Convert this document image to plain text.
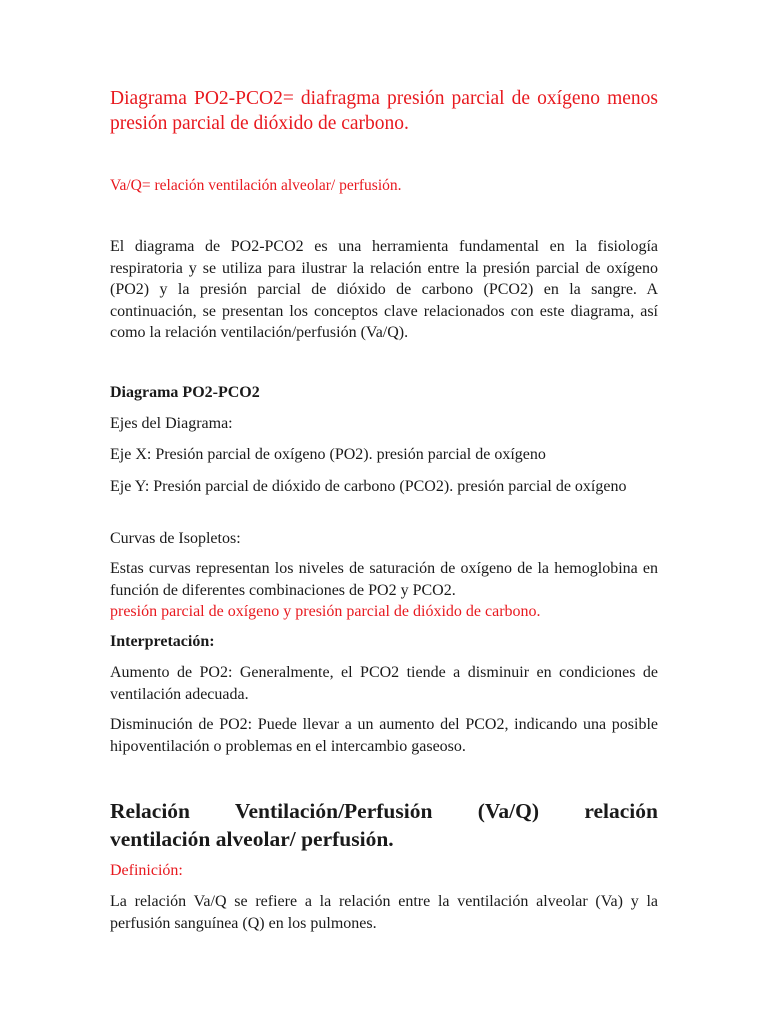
Diagrama PO2-PCO2= diafragma presión parcial de oxígeno menos presión parcial de dióxido de carbono.

Va/Q= relación ventilación alveolar/ perfusión.

El diagrama de PO2-PCO2 es una herramienta fundamental en la fisiología respiratoria y se utiliza para ilustrar la relación entre la presión parcial de oxígeno (PO2) y la presión parcial de dióxido de carbono (PCO2) en la sangre. A continuación, se presentan los conceptos clave relacionados con este diagrama, así como la relación ventilación/perfusión (Va/Q).

Diagrama PO2-PCO2

Ejes del Diagrama:

Eje X: Presión parcial de oxígeno (PO2). presión parcial de oxígeno

Eje Y: Presión parcial de dióxido de carbono (PCO2). presión parcial de oxígeno

Curvas de Isopletos:

Estas curvas representan los niveles de saturación de oxígeno de la hemoglobina en función de diferentes combinaciones de PO2 y PCO2.

presión parcial de oxígeno y presión parcial de dióxido de carbono.

Interpretación:

Aumento de PO2: Generalmente, el PCO2 tiende a disminuir en condiciones de ventilación adecuada.

Disminución de PO2: Puede llevar a un aumento del PCO2, indicando una posible hipoventilación o problemas en el intercambio gaseoso.

Relación Ventilación/Perfusión (Va/Q) relación

ventilación alveolar/ perfusión.

Definición:

La relación Va/Q se refiere a la relación entre la ventilación alveolar (Va) y la perfusión sanguínea (Q) en los pulmones.
